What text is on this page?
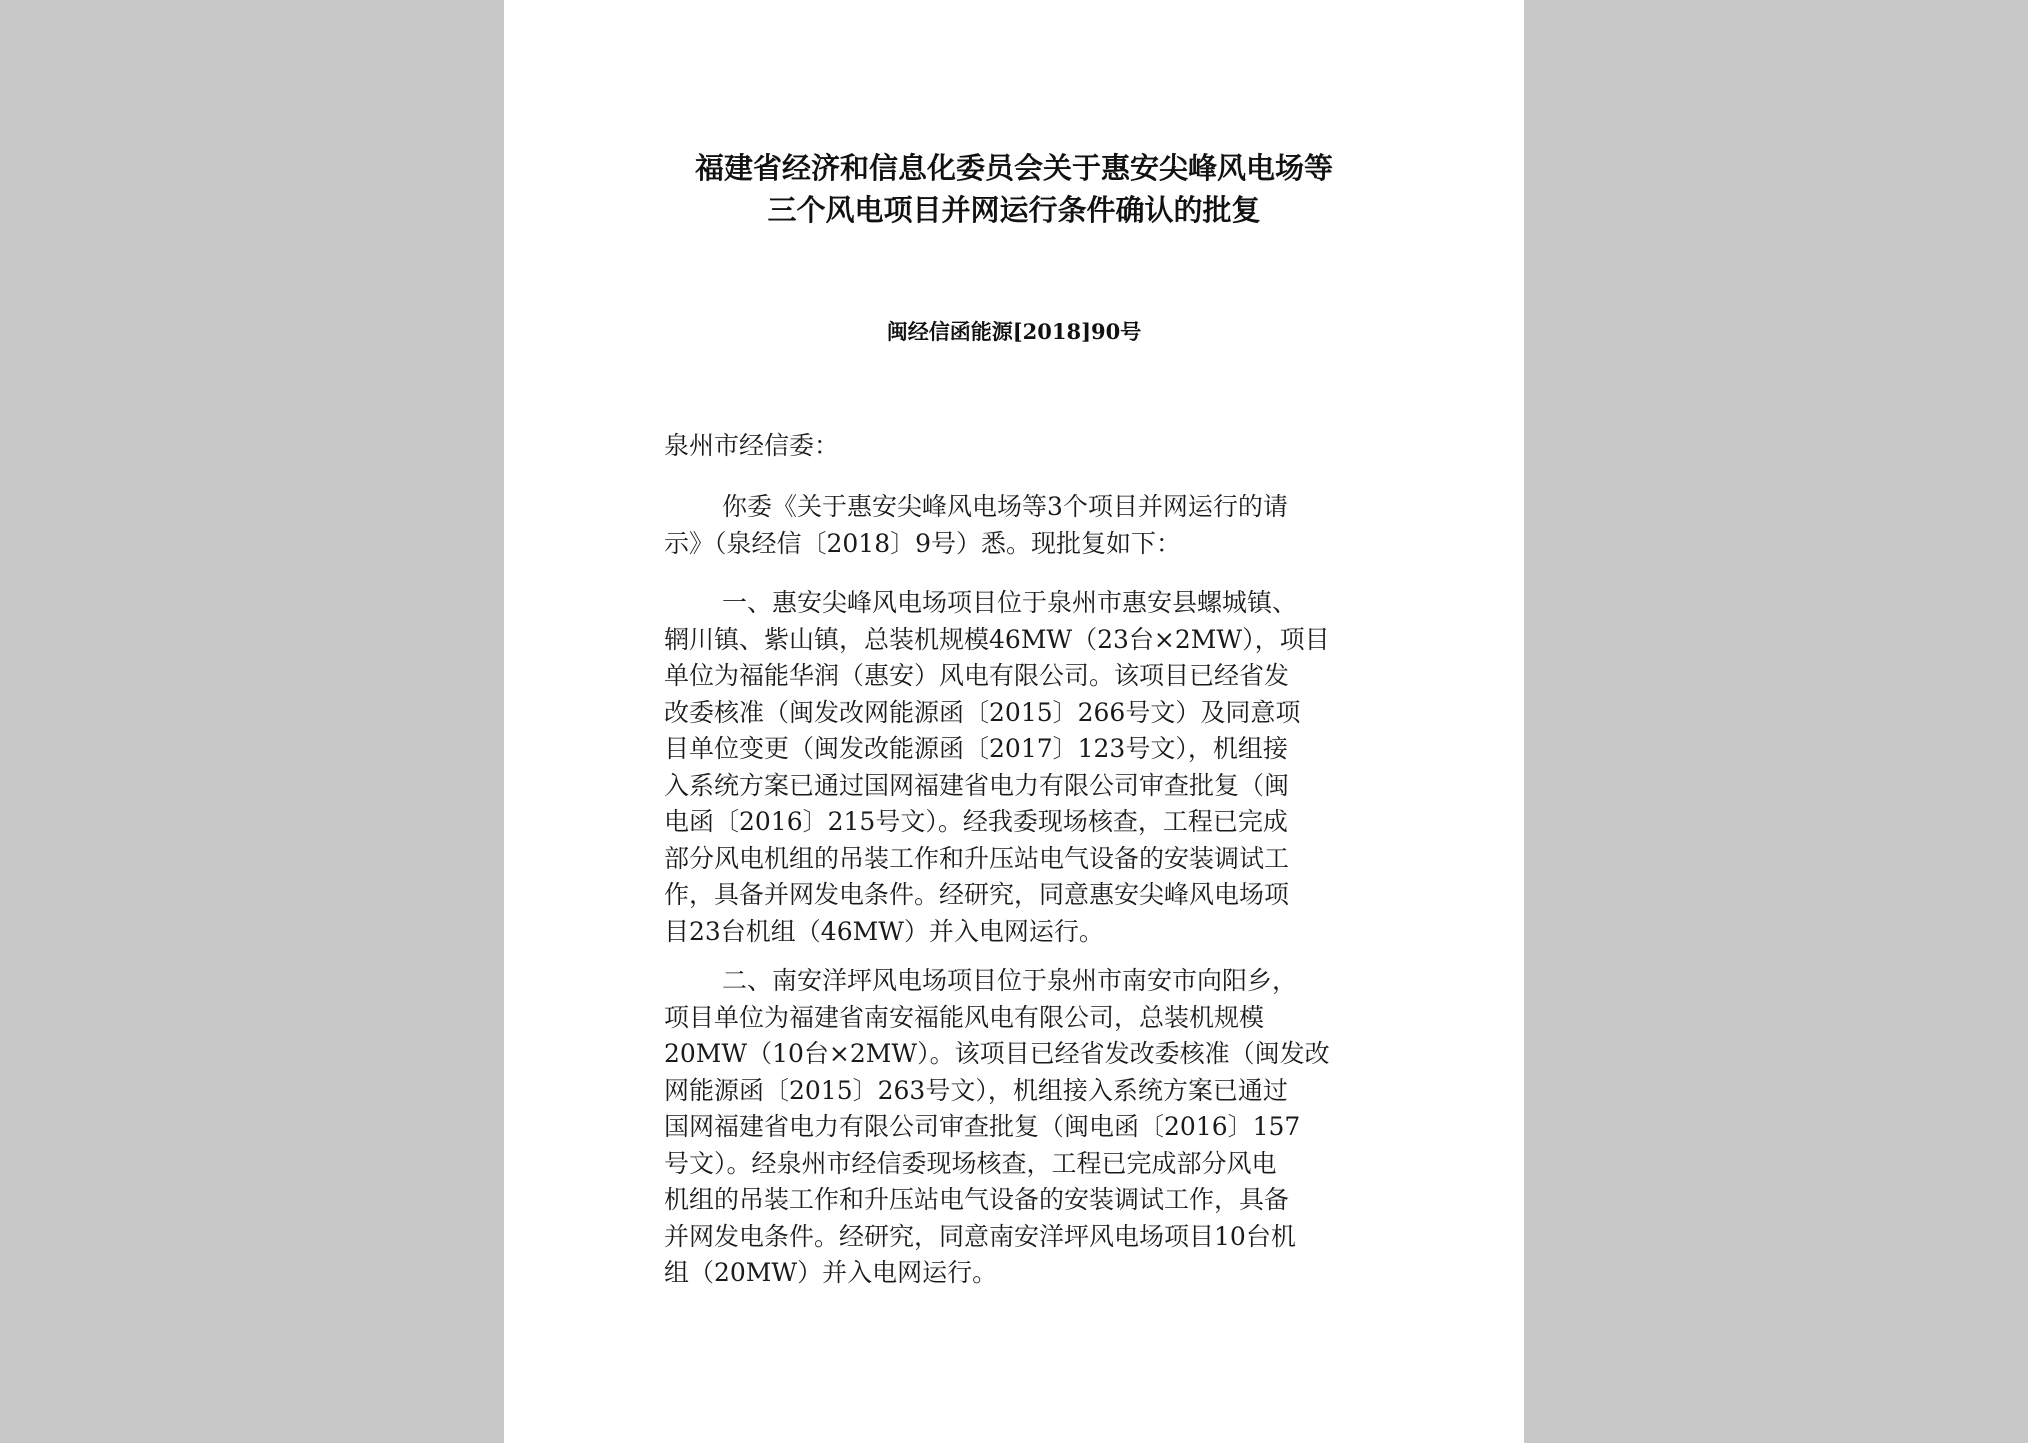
福建省经济和信息化委员会关于惠安尖峰风电场等
三个风电项目并网运行条件确认的批复
闽经信函能源[2018]90号
泉州市经信委：
你委《关于惠安尖峰风电场等3个项目并网运行的请
示》（泉经信〔2018〕9号）悉。现批复如下：
一、惠安尖峰风电场项目位于泉州市惠安县螺城镇、
辋川镇、紫山镇，总装机规模46MW（23台×2MW），项目
单位为福能华润（惠安）风电有限公司。该项目已经省发
改委核准（闽发改网能源函〔2015〕266号文）及同意项
目单位变更（闽发改能源函〔2017〕123号文），机组接
入系统方案已通过国网福建省电力有限公司审查批复（闽
电函〔2016〕215号文）。经我委现场核查，工程已完成
部分风电机组的吊装工作和升压站电气设备的安装调试工
作，具备并网发电条件。经研究，同意惠安尖峰风电场项
目23台机组（46MW）并入电网运行。
二、南安洋坪风电场项目位于泉州市南安市向阳乡，
项目单位为福建省南安福能风电有限公司，总装机规模
20MW（10台×2MW）。该项目已经省发改委核准（闽发改
网能源函〔2015〕263号文），机组接入系统方案已通过
国网福建省电力有限公司审查批复（闽电函〔2016〕157
号文）。经泉州市经信委现场核查，工程已完成部分风电
机组的吊装工作和升压站电气设备的安装调试工作，具备
并网发电条件。经研究，同意南安洋坪风电场项目10台机
组（20MW）并入电网运行。
